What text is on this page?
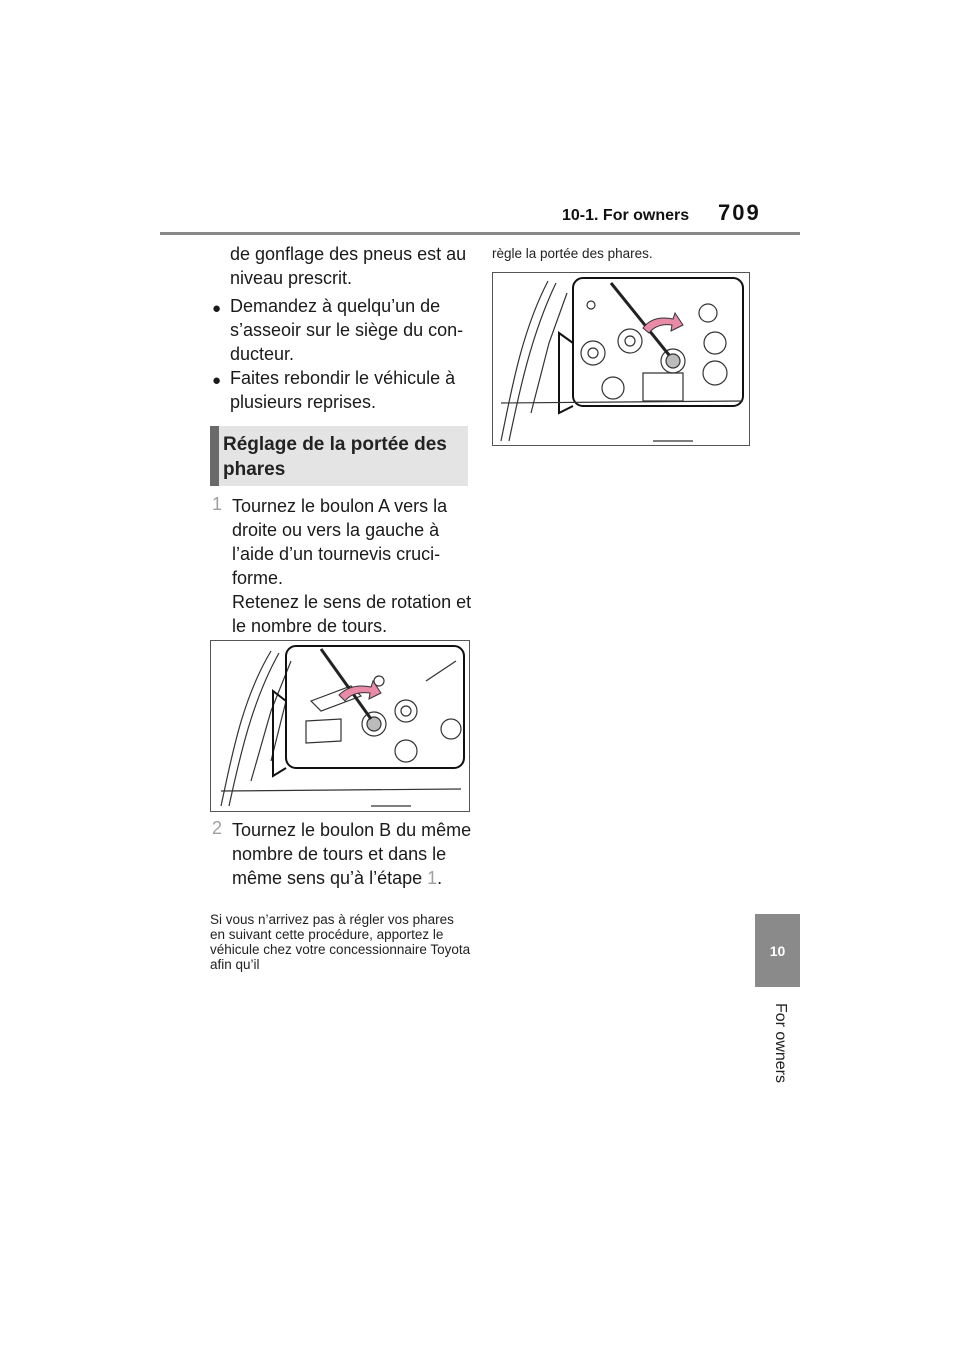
10-1. For owners 709
10
For owners
de gonflage des pneus est au niveau prescrit.
● Demandez à quelqu’un de s’asseoir sur le siège du con-ducteur.
● Faites rebondir le véhicule à plusieurs reprises.
Réglage de la portée des phares
1 Tournez le boulon A vers la droite ou vers la gauche à l’aide d’un tournevis cruci-forme.
Retenez le sens de rotation et le nombre de tours.
2 Tournez le boulon B du même nombre de tours et dans le même sens qu’à l’étape 1.
Si vous n’arrivez pas à régler vos phares en suivant cette procédure, apportez le véhicule chez votre concessionnaire Toyota afin qu’il
règle la portée des phares.
